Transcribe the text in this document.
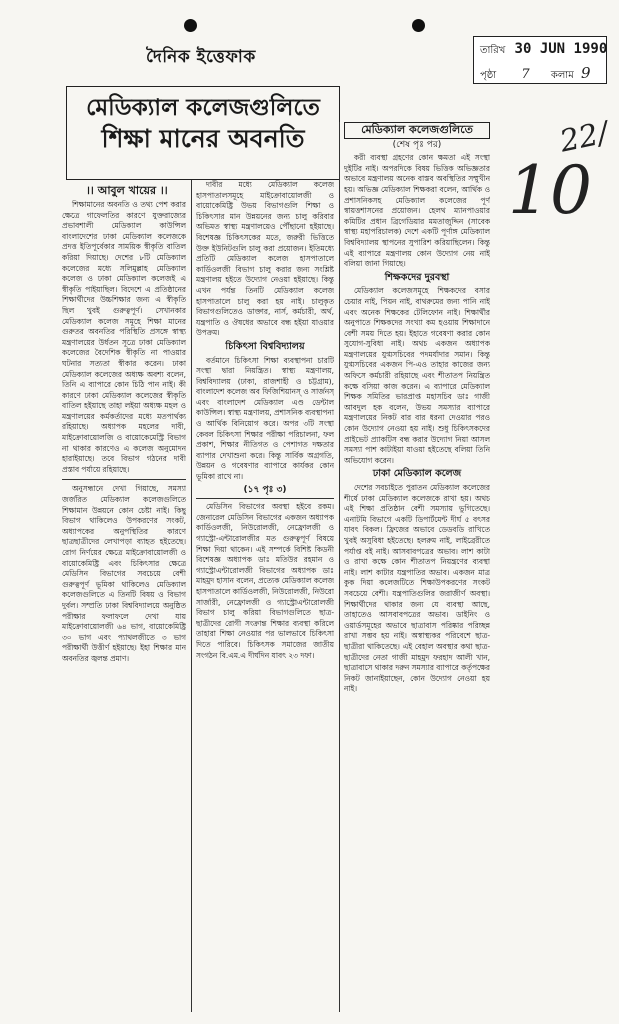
দৈনিক ইত্তেফাক	তারিখ 30 JUN 1990
পৃষ্ঠা 7 কলাম 9
22/
10
মেডিক্যাল কলেজগুলিতে
শিক্ষা মানের অবনতি
।। আবুল খায়ের ।।

শিক্ষামানের অবনতি ও তথ্য পেশ করার ক্ষেত্রে গাফেলতির কারণে যুক্তরাজ্যের প্রভাবশালী মেডিক্যাল কাউন্সিল বাংলাদেশের ঢাকা মেডিক্যাল কলেজকে প্রদত্ত ইতিপূর্বেকার সাময়িক স্বীকৃতি বাতিল করিয়া দিয়াছে। দেশের ৮টি মেডিক্যাল কলেজের মধ্যে সলিমুল্লাহ মেডিক্যাল কলেজ ও ঢাকা মেডিক্যাল কলেজই এ স্বীকৃতি পাইয়াছিল। বিদেশে এ প্রতিষ্ঠানের শিক্ষার্থীদের উচ্চশিক্ষার জন্য এ স্বীকৃতি ছিল খুবই গুরুত্বপূর্ণ। সেখানকার মেডিক্যাল কলেজ সমূহে শিক্ষা মানের গুরুতর অবনতির পরিস্থিতি প্রসঙ্গে স্বাস্থ্য মন্ত্রণালয়ের উর্ধতন সূত্রে ঢাকা মেডিক্যাল কলেজের বৈদেশিক স্বীকৃতি না পাওয়ার ঘটনার সত্যতা স্বীকার করেন। ঢাকা মেডিক্যাল কলেজের অধ্যক্ষ অবশ্য বলেন, তিনি এ ব্যাপারে কোন চিঠি পান নাই। কী কারণে ঢাকা মেডিক্যাল কলেজের স্বীকৃতি বাতিল হইয়াছে তাহা লইয়া অধ্যক্ষ মহল ও মন্ত্রণালয়ের কর্মকর্তাদের মধ্যে মতপার্থক্য রহিয়াছে। অধ্যাপক মহলের দাবী, মাইক্রোবায়োলজি ও বায়োকেমেস্ট্রি বিভাগ না থাকার কারণেও এ কলেজ অনুমোদন হারাইয়াছে। তবে বিভাগ গঠনের দাবী প্রস্তাব পর্যায়ে রহিয়াছে।

অনুসন্ধানে দেখা গিয়াছে, সমস্যা জর্জরিত মেডিক্যাল কলেজগুলিতে শিক্ষামান উন্নয়নে কোন চেষ্টা নাই। কিছু বিভাগ থাকিলেও উপকরণের সংকট, অধ্যাপকের অনুপস্থিতির কারণে ছাত্রছাত্রীদের লেখাপড়া ব্যাহত হইতেছে। রোগ নির্ণয়ের ক্ষেত্রে মাইক্রোবায়োলজী ও বায়োকেমিষ্ট্রি এবং চিকিৎসার ক্ষেত্রে মেডিসিন বিভাগের সবচেয়ে বেশী গুরুত্বপূর্ণ ভূমিকা থাকিলেও মেডিক্যাল কলেজগুলিতে এ তিনটি বিষয় ও বিভাগ দুর্বল। সম্প্রতি ঢাকা বিশ্ববিদ্যালয়ে অনুষ্ঠিত পরীক্ষার ফলাফলে দেখা যায় মাইক্রোবায়োলজী ৬৪ ভাগ, বায়োকেমিষ্ট্রি ৩০ ভাগ এবং প্যাথলজীতে ৩ ভাগ পরীক্ষার্থী উত্তীর্ণ হইয়াছে। ইহা শিক্ষার মান অবনতির জ্বলন্ত প্রমাণ।

দাবীর মধ্যে মেডিক্যাল কলেজ হাসপাতালসমূহে মাইক্রোবায়োলজী ও বায়োকেমিষ্ট্রি উভয় বিভাগগুলি শিক্ষা ও চিকিৎসার মান উন্নয়নের জন্য চালু করিবার অভিমত স্বাস্থ্য মন্ত্রণালয়েও পৌঁছানো হইয়াছে। বিশেষজ্ঞ চিকিৎসকের মতে, জরুরী ভিত্তিতে উক্ত ইউনিটগুলি চালু করা প্রয়োজন। ইতিমধ্যে প্রতিটি মেডিক্যাল কলেজ হাসপাতালে কার্ডিওলজী বিভাগ চালু করার জন্য সংশ্লিষ্ট মন্ত্রণালয় হইতে উদ্যোগ নেওয়া হইয়াছে। কিন্তু এখন পর্যন্ত তিনটি মেডিক্যাল কলেজ হাসপাতালে চালু করা হয় নাই। চালুকৃত বিভাগগুলিতেও ডাক্তার, নার্স, কর্মচারী, অর্থ, যন্ত্রপাতি ও ঔষধের অভাবে বন্ধ হইয়া যাওয়ার উপক্রম।

চিকিৎসা বিশ্ববিদ্যালয়

বর্তমানে চিকিৎসা শিক্ষা ব্যবস্থাপনা চারটি সংস্থা দ্বারা নিয়ন্ত্রিত। স্বাস্থ্য মন্ত্রণালয়, বিশ্ববিদ্যালয় (ঢাকা, রাজশাহী ও চট্টগ্রাম), বাংলাদেশ কলেজ অব ফিজিশিয়ানস্ ও সার্জনস্ এবং বাংলাদেশ মেডিক্যাল এণ্ড ডেন্টাল কাউন্সিল। স্বাস্থ্য মন্ত্রণালয়, প্রশাসনিক ব্যবস্থাপনা ও আর্থিক বিনিয়োগ করে। অপর ৩টি সংস্থা কেবল চিকিৎসা শিক্ষার পরীক্ষা পরিচালনা, ফল প্রকাশ, শিক্ষার নীতিগত ও পেশাগত দক্ষতার ব্যাপার দেখাশুনা করে। কিন্তু সার্বিক অগ্রগতি, উন্নয়ন ও গবেষণার ব্যাপারে কার্যকর কোন ভূমিকা রাখে না।

(১৭ পৃঃ ৩)

মেডিসিন বিভাগের অবস্থা হইবে রকম। জেনারেল মেডিসিন বিভাগের একজন অধ্যাপক কার্ডিওলজী, নিউরোলজী, নেফ্রোলজী ও গ্যাস্ট্রো-এন্টারোলজীর মত গুরুত্বপূর্ণ বিষয়ে শিক্ষা দিয়া থাকেন। এই সম্পর্কে বিশিষ্ট কিডনী বিশেষজ্ঞ অধ্যাপক ডাঃ মতিউর রহমান ও গ্যাস্ট্রোএন্টারোলজী বিভাগের অধ্যাপক ডাঃ মাহমুদ হাসান বলেন, প্রত্যেক মেডিক্যাল কলেজ হাসপাতালে কার্ডিওলজী, নিউরোলজী, নিউরো সার্জারী, নেফ্রোলজী ও গ্যাস্ট্রোএন্টারোলজী বিভাগ চালু করিয়া বিভাগগুলিতে ছাত্র-ছাত্রীদের রোগী সংক্রান্ত শিক্ষার ব্যবস্থা করিলে তাহারা শিক্ষা নেওয়ার পর ভালভাবে চিকিৎসা দিতে পারিবে। চিকিৎসক সমাজের জাতীয় সংগঠন বি.এম.এ দীর্ঘদিন যাবৎ ২৩ দফা।

মেডিক্যাল কলেজগুলিতে
(শেষ পৃঃ পর)

করী ব্যবস্থা গ্রহণের কোন ক্ষমতা এই সংস্থা দুইটির নাই। অপরদিকে বিষয় ভিত্তিক অভিজ্ঞতার অভাবে মন্ত্রণালয় অনেক বাস্তব অবস্থিতির সম্মুখীন হয়। অভিজ্ঞ মেডিক্যাল শিক্ষকরা বলেন, আর্থিক ও প্রশাসনিকসহ মেডিক্যাল কলেজের পূর্ণ স্বায়ত্তশাসনের প্রয়োজন। হেলথ ম্যানপাওয়ার কমিটির প্রধান ব্রিগেডিয়ার মমতাজুদ্দিন (সাবেক স্বাস্থ্য মহাপরিচালক) দেশে একটি পূর্ণাঙ্গ মেডিক্যাল বিশ্ববিদ্যালয় স্থাপনের সুপারিশ করিয়াছিলেন। কিন্তু এই ব্যাপারে মন্ত্রণালয় কোন উদ্যোগ নেয় নাই বলিয়া জানা গিয়াছে।

শিক্ষকদের দুরবস্থা

মেডিক্যাল কলেজসমূহে শিক্ষকদের বসার চেয়ার নাই, পিয়ন নাই, বাথরুমের জন্য পানি নাই এবং অনেক শিক্ষকের টেলিফোন নাই। শিক্ষার্থীর অনুপাতে শিক্ষকদের সংখ্যা কম হওয়ায় শিক্ষাদানে বেশী সময় দিতে হয়। ইহাতে গবেষণা করার কোন সুযোগ-সুবিধা নাই। অথচ একজন অধ্যাপক মন্ত্রণালয়ের যুগ্মসচিবের পদমর্যাদার সমান। কিন্তু যুগ্মসচিবের একজন পি-এও তাহার কাজের জন্য অফিসে কর্মচারী রহিয়াছে এবং শীতাতপ নিয়ন্ত্রিত কক্ষে বসিয়া কাজ করেন। এ ব্যাপারে মেডিক্যাল শিক্ষক সমিতির ভারপ্রাপ্ত মহাসচিব ডাঃ গাজী আবদুল হক বলেন, উভয় সমস্যার ব্যাপারে মন্ত্রণালয়ের নিকট বার বার ধরনা দেওয়ার পরও কোন উদ্যোগ নেওয়া হয় নাই। শুধু চিকিৎসকদের প্রাইভেট প্র্যাকটিস বন্ধ করার উদ্যোগ নিয়া আসল সমস্যা পাশ কাটাইয়া যাওয়া হইতেছে বলিয়া তিনি অভিযোগ করেন।

ঢাকা মেডিক্যাল কলেজ

দেশের সবচাইতে পুরাতন মেডিক্যাল কলেজের শীর্ষে ঢাকা মেডিক্যাল কলেজকে রাখা হয়। অথচ এই শিক্ষা প্রতিষ্ঠান বেশী সমস্যায় ভুগিতেছে। এনাটমি বিভাগে একটি ডিপার্টমেন্ট দীর্ঘ ৫ বৎসর যাবৎ বিকল। ফ্রিজের অভাবে ডেডবডি রাখিতে খুবই অসুবিধা হইতেছে। হলরুম নাই, লাইব্রেরীতে পর্যাপ্ত বই নাই। আসবাবপত্রের অভাব। লাশ কাটা ও রাখা কক্ষে কোন শীতাতপ নিয়ন্ত্রণের ব্যবস্থা নাই। লাশ কাটার যন্ত্রপাতির অভাব। একজন মাত্র কুক দিয়া কলেজটিতে শিক্ষাউপকরণের সংকট সবচেয়ে বেশী। যন্ত্রপাতিগুলির জরাজীর্ণ অবস্থা। শিক্ষার্থীদের থাকার জন্য যে ব্যবস্থা আছে, তাহাতেও আসবাবপত্রের অভাব। ডাইনিং ও ওয়ার্ডসমূহের অভাবে ছাত্রাবাস পরিষ্কার পরিচ্ছন্ন রাখা সম্ভব হয় নাই। অস্বাস্থ্যকর পরিবেশে ছাত্র-ছাত্রীরা থাকিতেছে। এই বেহাল অবস্থার কথা ছাত্র-ছাত্রীদের নেতা গাজী মাহমুদ ফরহাদ আলী খান, ছাত্রাবাসে থাকার দরুন সমস্যার ব্যাপারে কর্তৃপক্ষের নিকট জানাইয়াছেন, কোন উদ্যোগ নেওয়া হয় নাই।
